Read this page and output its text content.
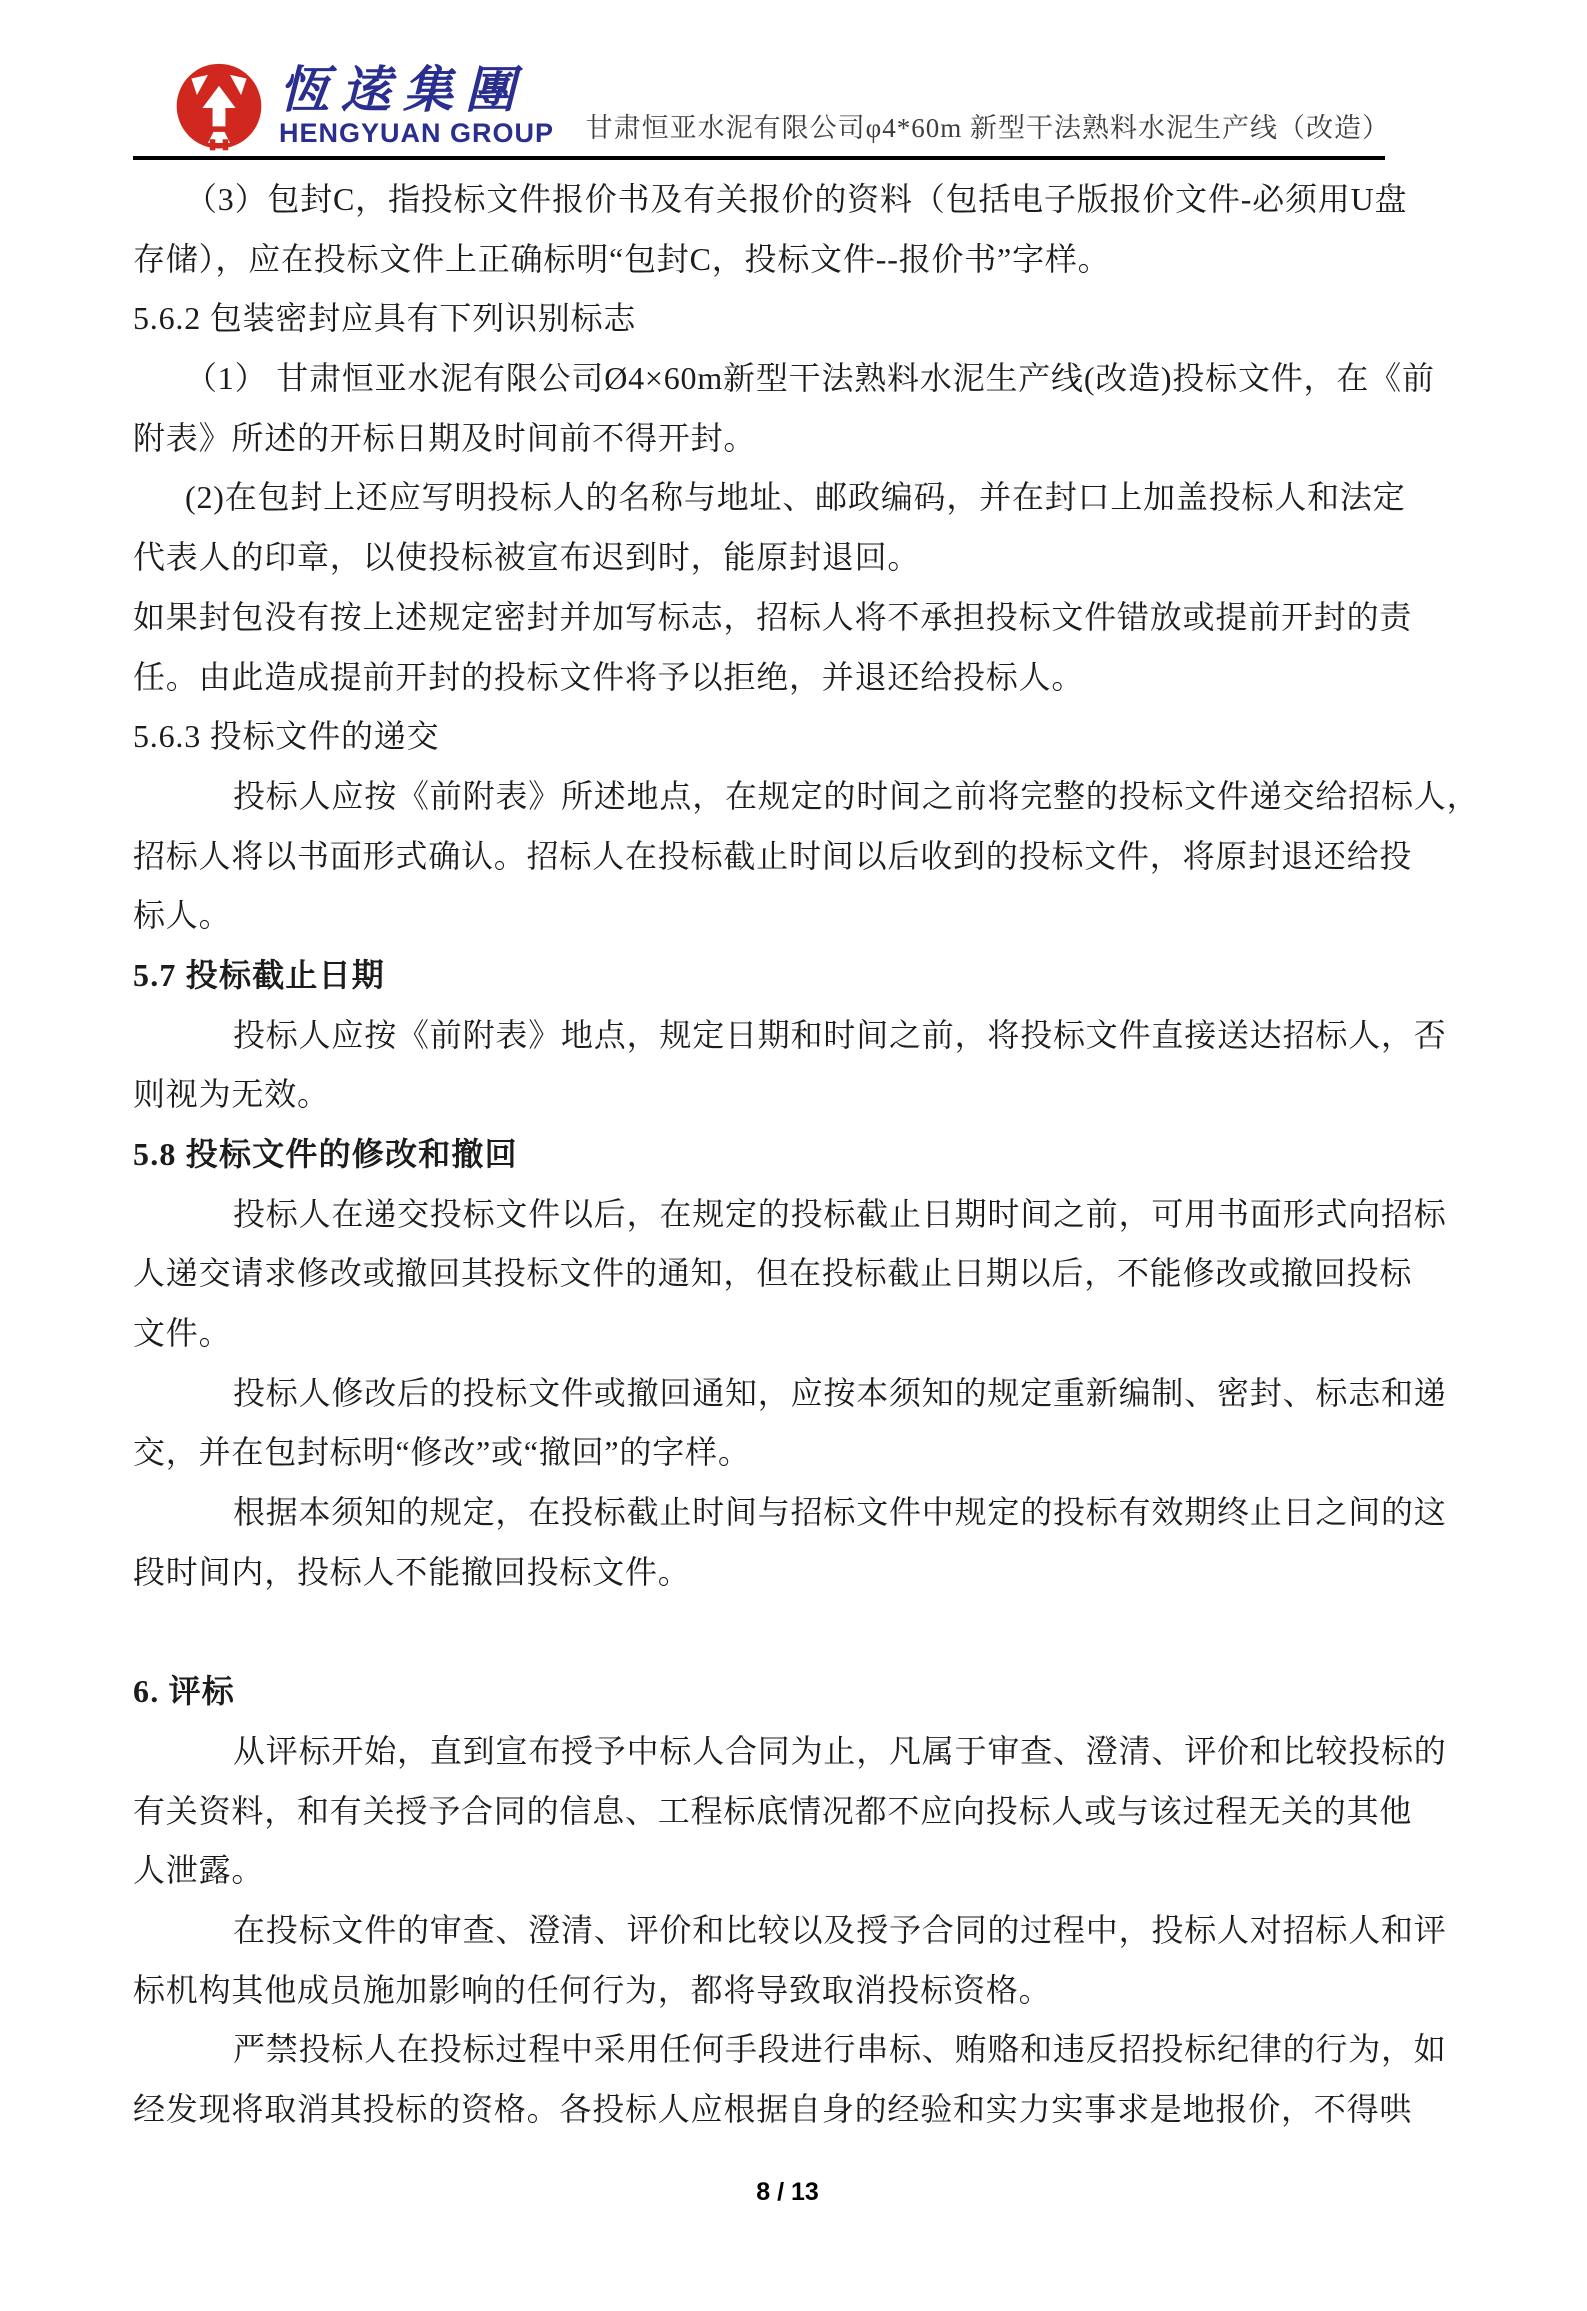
恆逺集團
HENGYUAN GROUP 甘肃恒亚水泥有限公司φ4*60m 新型干法熟料水泥生产线（改造）
（3）包封C，指投标文件报价书及有关报价的资料（包括电子版报价文件-必须用U盘
存储），应在投标文件上正确标明“包封C，投标文件--报价书”字样。
5.6.2 包装密封应具有下列识别标志
（1） 甘肃恒亚水泥有限公司Ø4×60m新型干法熟料水泥生产线(改造)投标文件，在《前
附表》所述的开标日期及时间前不得开封。
(2)在包封上还应写明投标人的名称与地址、邮政编码，并在封口上加盖投标人和法定
代表人的印章，以使投标被宣布迟到时，能原封退回。
如果封包没有按上述规定密封并加写标志，招标人将不承担投标文件错放或提前开封的责
任。由此造成提前开封的投标文件将予以拒绝，并退还给投标人。
5.6.3 投标文件的递交
投标人应按《前附表》所述地点，在规定的时间之前将完整的投标文件递交给招标人，
招标人将以书面形式确认。招标人在投标截止时间以后收到的投标文件，将原封退还给投
标人。
5.7 投标截止日期
投标人应按《前附表》地点，规定日期和时间之前，将投标文件直接送达招标人，否
则视为无效。
5.8 投标文件的修改和撤回
投标人在递交投标文件以后，在规定的投标截止日期时间之前，可用书面形式向招标
人递交请求修改或撤回其投标文件的通知，但在投标截止日期以后，不能修改或撤回投标
文件。
投标人修改后的投标文件或撤回通知，应按本须知的规定重新编制、密封、标志和递
交，并在包封标明“修改”或“撤回”的字样。
根据本须知的规定，在投标截止时间与招标文件中规定的投标有效期终止日之间的这
段时间内，投标人不能撤回投标文件。

6. 评标
从评标开始，直到宣布授予中标人合同为止，凡属于审查、澄清、评价和比较投标的
有关资料，和有关授予合同的信息、工程标底情况都不应向投标人或与该过程无关的其他
人泄露。
在投标文件的审查、澄清、评价和比较以及授予合同的过程中，投标人对招标人和评
标机构其他成员施加影响的任何行为，都将导致取消投标资格。
严禁投标人在投标过程中采用任何手段进行串标、贿赂和违反招投标纪律的行为，如
经发现将取消其投标的资格。各投标人应根据自身的经验和实力实事求是地报价，不得哄
8 / 13
